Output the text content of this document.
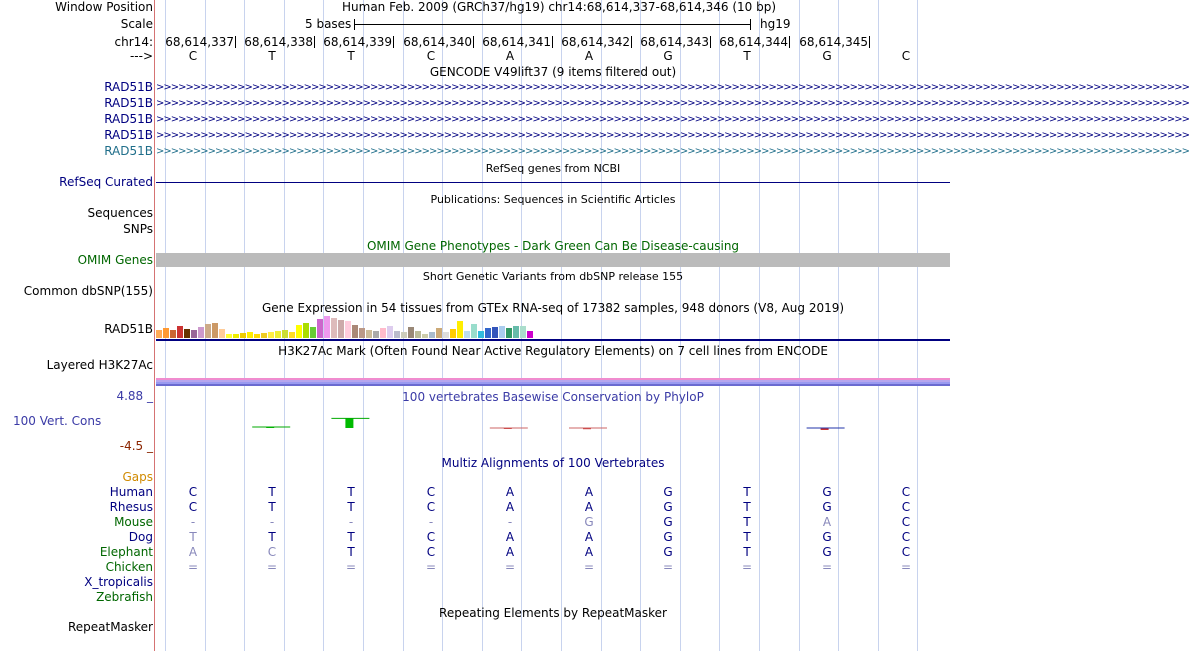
Window Position	Human Feb. 2009 (GRCh37/hg19) chr14:68,614,337-68,614,346 (10 bp)
Scale	5 bases	hg19
chr14: 68,614,337 68,614,338 68,614,339 68,614,340 68,614,341 68,614,342 68,614,343 68,614,344 68,614,345
--->	C	T	T	C	A	A	G	T	G	C
GENCODE V49lift37 (9 items filtered out)
RAD51B >>>>>>>>>>>>>>>>>>>>>>>>>>>>>>>>>>>>>>>>>>>>>>>>>>>>>>>>>>>>>>>>>>>>>>>>>>>>>>>>>>>>>>>>>>>>>>>>>>>>>>>>>>>>>>>>>>>>>>>>>>>>>>>>>>>>>>>>>>>>
RAD51B >>>>>>>>>>>>>>>>>>>>>>>>>>>>>>>>>>>>>>>>>>>>>>>>>>>>>>>>>>>>>>>>>>>>>>>>>>>>>>>>>>>>>>>>>>>>>>>>>>>>>>>>>>>>>>>>>>>>>>>>>>>>>>>>>>>>>>>>>>>>
RAD51B >>>>>>>>>>>>>>>>>>>>>>>>>>>>>>>>>>>>>>>>>>>>>>>>>>>>>>>>>>>>>>>>>>>>>>>>>>>>>>>>>>>>>>>>>>>>>>>>>>>>>>>>>>>>>>>>>>>>>>>>>>>>>>>>>>>>>>>>>>>>
RAD51B >>>>>>>>>>>>>>>>>>>>>>>>>>>>>>>>>>>>>>>>>>>>>>>>>>>>>>>>>>>>>>>>>>>>>>>>>>>>>>>>>>>>>>>>>>>>>>>>>>>>>>>>>>>>>>>>>>>>>>>>>>>>>>>>>>>>>>>>>>>>
RAD51B >>>>>>>>>>>>>>>>>>>>>>>>>>>>>>>>>>>>>>>>>>>>>>>>>>>>>>>>>>>>>>>>>>>>>>>>>>>>>>>>>>>>>>>>>>>>>>>>>>>>>>>>>>>>>>>>>>>>>>>>>>>>>>>>>>>>>>>>>>>>
RefSeq genes from NCBI
RefSeq Curated
Publications: Sequences in Scientific Articles
Sequences
SNPs
OMIM Gene Phenotypes - Dark Green Can Be Disease-causing
OMIM Genes
Short Genetic Variants from dbSNP release 155
Common dbSNP(155)
Gene Expression in 54 tissues from GTEx RNA-seq of 17382 samples, 948 donors (V8, Aug 2019)
RAD51B
H3K27Ac Mark (Often Found Near Active Regulatory Elements) on 7 cell lines from ENCODE
Layered H3K27Ac
100 vertebrates Basewise Conservation by PhyloP
4.88 _
100 Vert. Cons
-4.5 _
Multiz Alignments of 100 Vertebrates
Gaps
Human	C	T	T	C	A	A	G	T	G	C
Rhesus	C	T	T	C	A	A	G	T	G	C
Mouse	-	-	-	-	-	G	G	T	A	C
Dog	T	T	T	C	A	A	G	T	G	C
Elephant	A	C	T	C	A	A	G	T	G	C
Chicken	=	=	=	=	=	=	=	=	=	=
X_tropicalis
Zebrafish
Repeating Elements by RepeatMasker
RepeatMasker
